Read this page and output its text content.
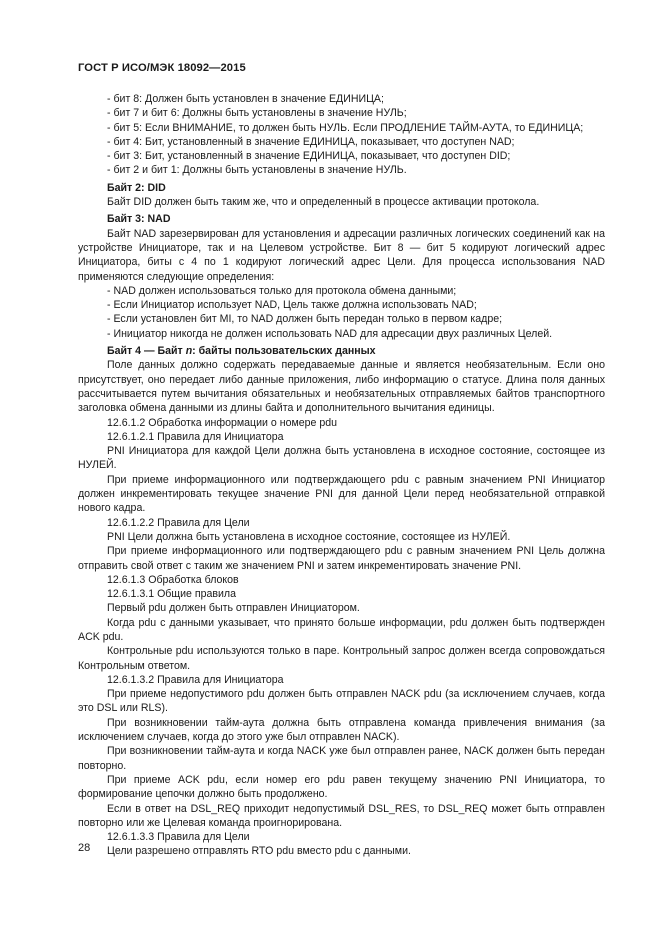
ГОСТ Р ИСО/МЭК 18092—2015

- бит 8: Должен быть установлен в значение ЕДИНИЦА;

- бит 7 и бит 6: Должны быть установлены в значение НУЛЬ;

- бит 5: Если ВНИМАНИЕ, то должен быть НУЛЬ. Если ПРОДЛЕНИЕ ТАЙМ-АУТА, то ЕДИНИЦА;

- бит 4: Бит, установленный в значение ЕДИНИЦА, показывает, что доступен NAD;

- бит 3: Бит, установленный в значение ЕДИНИЦА, показывает, что доступен DID;

- бит 2 и бит 1: Должны быть установлены в значение НУЛЬ.

Байт 2: DID

Байт DID должен быть таким же, что и определенный в процессе активации протокола.

Байт 3: NAD

Байт NAD зарезервирован для установления и адресации различных логических соединений как на устройстве Инициаторе, так и на Целевом устройстве. Бит 8 — бит 5 кодируют логический адрес Инициатора, биты с 4 по 1 кодируют логический адрес Цели. Для процесса использования NAD применяются следующие определения:

- NAD должен использоваться только для протокола обмена данными;

- Если Инициатор использует NAD, Цель также должна использовать NAD;

- Если установлен бит MI, то NAD должен быть передан только в первом кадре;

- Инициатор никогда не должен использовать NAD для адресации двух различных Целей.

Байт 4 — Байт n: байты пользовательских данных

Поле данных должно содержать передаваемые данные и является необязательным. Если оно присутствует, оно передает либо данные приложения, либо информацию о статусе. Длина поля данных рассчитывается путем вычитания обязательных и необязательных отправляемых байтов транспортного заголовка обмена данными из длины байта и дополнительного вычитания единицы.

12.6.1.2 Обработка информации о номере pdu

12.6.1.2.1 Правила для Инициатора

PNI Инициатора для каждой Цели должна быть установлена в исходное состояние, состоящее из НУЛЕЙ.

При приеме информационного или подтверждающего pdu с равным значением PNI Инициатор должен инкрементировать текущее значение PNI для данной Цели перед необязательной отправкой нового кадра.

12.6.1.2.2 Правила для Цели

PNI Цели должна быть установлена в исходное состояние, состоящее из НУЛЕЙ.

При приеме информационного или подтверждающего pdu с равным значением PNI Цель должна отправить свой ответ с таким же значением PNI и затем инкрементировать значение PNI.

12.6.1.3 Обработка блоков

12.6.1.3.1 Общие правила

Первый pdu должен быть отправлен Инициатором.

Когда pdu с данными указывает, что принято больше информации, pdu должен быть подтвержден ACK pdu.

Контрольные pdu используются только в паре. Контрольный запрос должен всегда сопровождаться Контрольным ответом.

12.6.1.3.2 Правила для Инициатора

При приеме недопустимого pdu должен быть отправлен NACK pdu (за исключением случаев, когда это DSL или RLS).

При возникновении тайм-аута должна быть отправлена команда привлечения внимания (за исключением случаев, когда до этого уже был отправлен NACK).

При возникновении тайм-аута и когда NACK уже был отправлен ранее, NACK должен быть передан повторно.

При приеме ACK pdu, если номер его pdu равен текущему значению PNI Инициатора, то формирование цепочки должно быть продолжено.

Если в ответ на DSL_REQ приходит недопустимый DSL_RES, то DSL_REQ может быть отправлен повторно или же Целевая команда проигнорирована.

12.6.1.3.3 Правила для Цели

Цели разрешено отправлять RTO pdu вместо pdu с данными.

28
